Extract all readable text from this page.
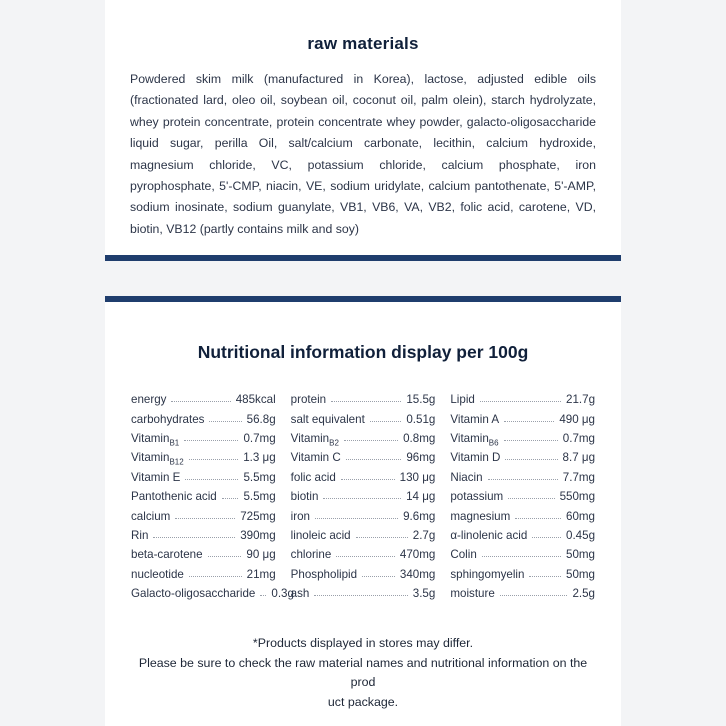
raw materials

Powdered skim milk (manufactured in Korea), lactose, adjusted edible oils (fractionated lard, oleo oil, soybean oil, coconut oil, palm olein), starch hydrolyzate, whey protein concentrate, protein concentrate whey powder, galacto-oligosaccharide liquid sugar, perilla Oil, salt/calcium carbonate, lecithin, calcium hydroxide, magnesium chloride, VC, potassium chloride, calcium phosphate, iron pyrophosphate, 5'-CMP, niacin, VE, sodium uridylate, calcium pantothenate, 5'-AMP, sodium inosinate, sodium guanylate, VB1, VB6, VA, VB2, folic acid, carotene, VD, biotin, VB12 (partly contains milk and soy)

Nutritional information display per 100g
energy	485kcal
carbohydrates	56.8g
Vitamin$_{B1}$	0.7mg
Vitamin$_{B12}$	1.3 μg
Vitamin E	5.5mg
Pantothenic acid 5.5mg
calcium	725mg
Rin	390mg
beta-carotene	90 μg
nucleotide	21mg
Galacto-oligosaccharide 0.3g
protein	15.5g
salt equivalent	0.51g
Vitamin$_{B2}$	0.8mg
Vitamin C	96mg
folic acid	130 μg
biotin	14 μg
iron	9.6mg
linoleic acid	2.7g
chlorine	470mg
Phospholipid	340mg
ash	3.5g
Lipid	21.7g
Vitamin A	490 μg
Vitamin$_{B6}$	0.7mg
Vitamin D	8.7 μg
Niacin	7.7mg
potassium	550mg
magnesium	60mg
α-linolenic acid	0.45g
Colin	50mg
sphingomyelin	50mg
moisture	2.5g
*Products displayed in stores may differ.
Please be sure to check the raw material names and nutritional information on the prod
uct package.
